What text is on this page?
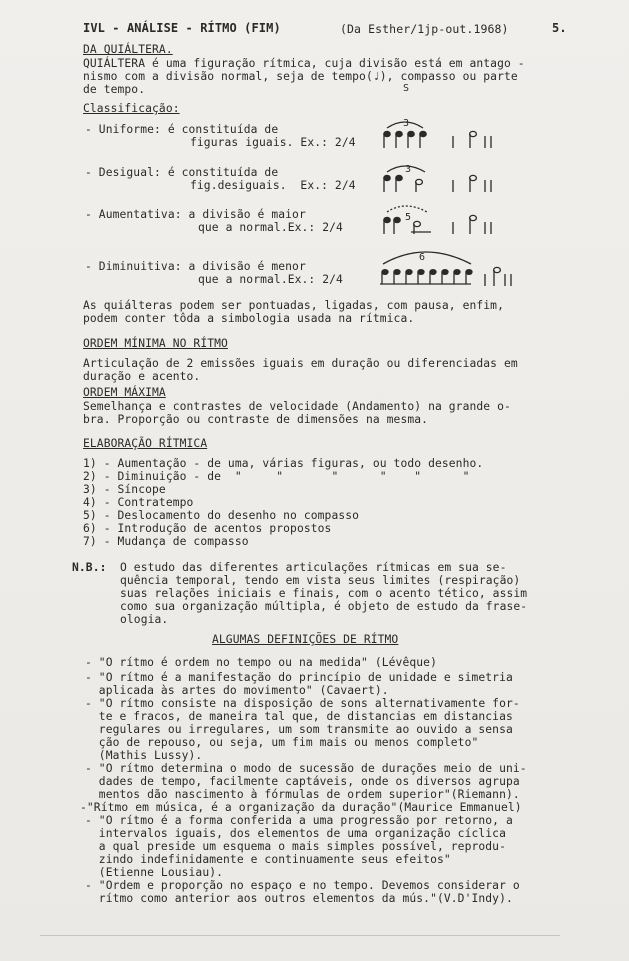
IVL - ANÁLISE - RÍTMO (FIM)	(Da Esther/1jp-out.1968)	5.
DA QUIÁLTERA.
QUIÁLTERA é uma figuração rítmica, cuja divisão está em antago -
nismo com a divisão normal, seja de tempo(♩), compasso ou parte
de tempo.	S
Classificação:
- Uniforme: é constituída de
figuras iguais. Ex.: 2/4
- Desigual: é constituída de
fig.desiguais.  Ex.: 2/4
- Aumentativa: a divisão é maior
que a normal.Ex.: 2/4
- Diminuitiva: a divisão é menor
que a normal.Ex.: 2/4
3
3
5
6
As quiálteras podem ser pontuadas, ligadas, com pausa, enfim,
podem conter tôda a simbologia usada na rítmica.
ORDEM MÍNIMA NO RÍTMO
Articulação de 2 emissões iguais em duração ou diferenciadas em
duração e acento.
ORDEM MÁXIMA
Semelhança e contrastes de velocidade (Andamento) na grande o-
bra. Proporção ou contraste de dimensões na mesma.
ELABORAÇÃO RÍTMICA
1) - Aumentação - de uma, várias figuras, ou todo desenho.
2) - Diminuição - de  "     "       "      "    "      "
3) - Síncope
4) - Contratempo
5) - Deslocamento do desenho no compasso
6) - Introdução de acentos propostos
7) - Mudança de compasso
N.B.: O estudo das diferentes articulações rítmicas em sua se-
quência temporal, tendo em vista seus limites (respiração)
suas relações iniciais e finais, com o acento tético, assim
como sua organização múltipla, é objeto de estudo da frase-
ologia.
ALGUMAS DEFINIÇÕES DE RÍTMO
- "O rítmo é ordem no tempo ou na medida" (Lévêque)
- "O rítmo é a manifestação do princípio de unidade e simetria
aplicada às artes do movimento" (Cavaert).
- "O rítmo consiste na disposição de sons alternativamente for-
te e fracos, de maneira tal que, de distancias em distancias
regulares ou irregulares, um som transmite ao ouvido a sensa
ção de repouso, ou seja, um fim mais ou menos completo"
(Mathis Lussy).
- "O rítmo determina o modo de sucessão de durações meio de uni-
dades de tempo, facilmente captáveis, onde os diversos agrupa
mentos dão nascimento à fórmulas de ordem superior"(Riemann).
-"Rítmo em música, é a organização da duração"(Maurice Emmanuel)
- "O rítmo é a forma conferida a uma progressão por retorno, a
intervalos iguais, dos elementos de uma organização cíclica
a qual preside um esquema o mais simples possível, reprodu-
zindo indefinidamente e continuamente seus efeitos"
(Etienne Lousiau).
- "Ordem e proporção no espaço e no tempo. Devemos considerar o
rítmo como anterior aos outros elementos da mús."(V.D'Indy).
